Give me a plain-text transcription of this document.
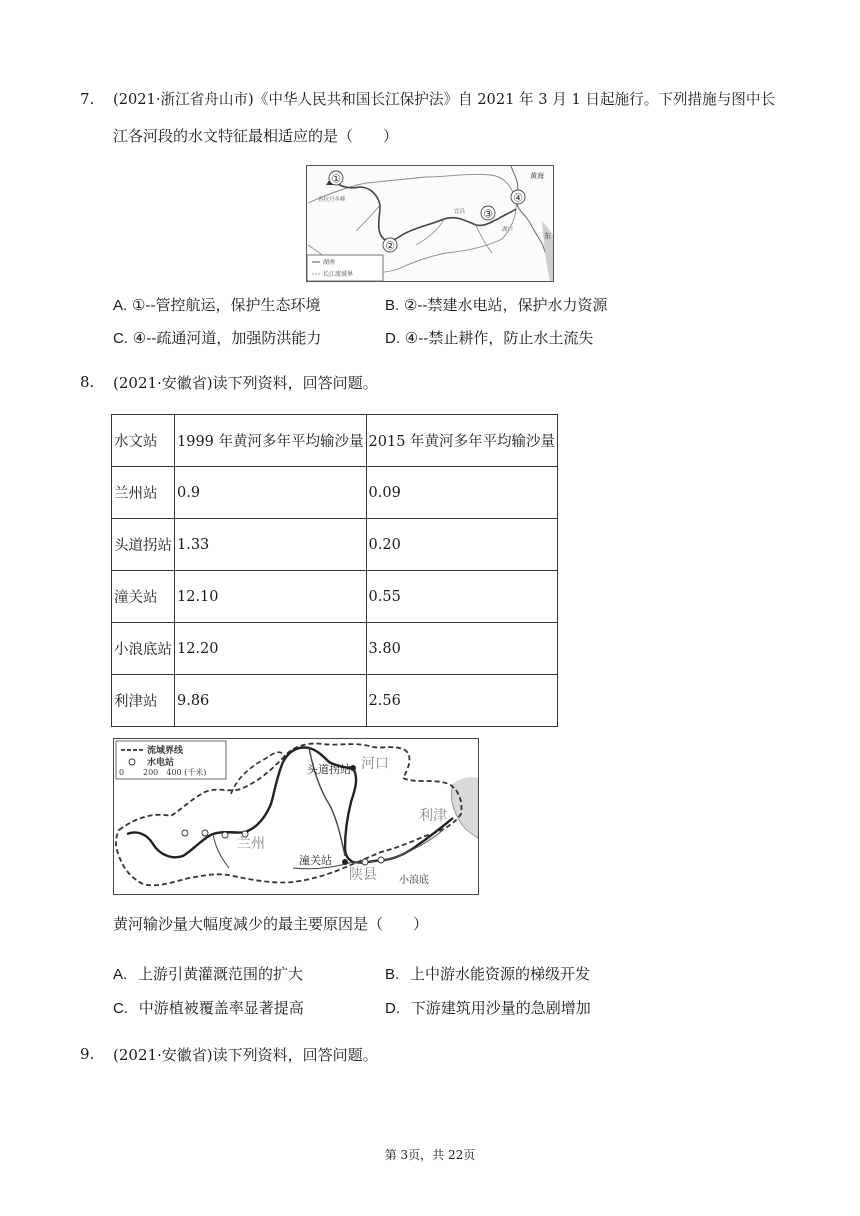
7. (2021·浙江省舟山市)《中华人民共和国长江保护法》自 2021 年 3 月 1 日起施行。下列措施与图中长
江各河段的水文特征最相适应的是（　　）
①
②
③
④
各拉丹冬峰
宜昌
湖口
黄海
东
湖南
长江流域界
A. ①--管控航运，保护生态环境	B. ②--禁建水电站，保护水力资源
C. ④--疏通河道，加强防洪能力	D. ④--禁止耕作，防止水土流失
8. (2021·安徽省)读下列资料，回答问题。
水文站	1999 年黄河多年平均输沙量	2015 年黄河多年平均输沙量
兰州站	0.9	0.09
头道拐站	1.33	0.20
潼关站	12.10	0.55
小浪底站	12.20	3.80
利津站	9.86	2.56
流域界线
水电站
0 200　400 (千米)	头道拐站 河口
利津
兰州
潼关站
陕县 小浪底
黄河输沙量大幅度减少的最主要原因是（　　）
A. 上游引黄灌溉范围的扩大	B. 上中游水能资源的梯级开发
C. 中游植被覆盖率显著提高	D. 下游建筑用沙量的急剧增加
9. (2021·安徽省)读下列资料，回答问题。
第 3页，共 22页
